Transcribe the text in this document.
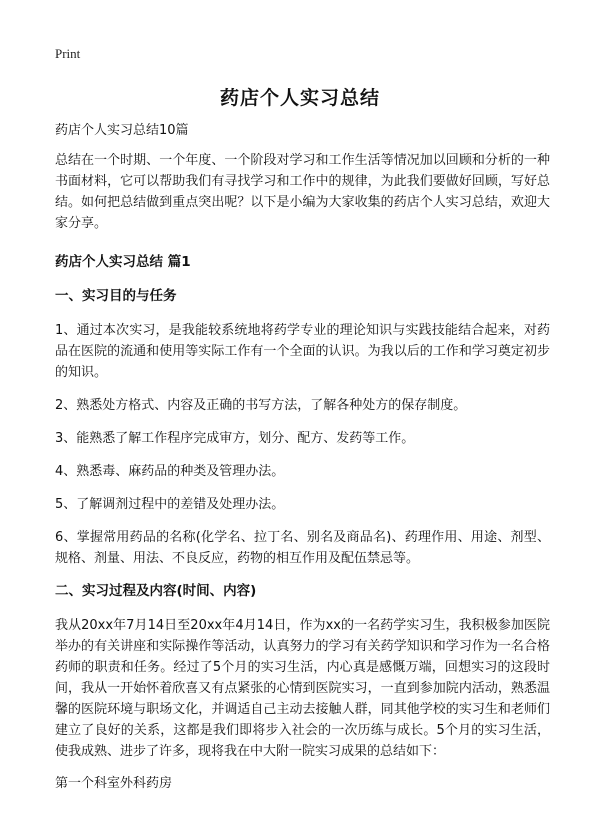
Print
药店个人实习总结

药店个人实习总结10篇

总结在一个时期、一个年度、一个阶段对学习和工作生活等情况加以回顾和分析的一种书面材料，它可以帮助我们有寻找学习和工作中的规律，为此我们要做好回顾，写好总结。如何把总结做到重点突出呢？以下是小编为大家收集的药店个人实习总结，欢迎大家分享。

药店个人实习总结 篇1

一、实习目的与任务

1、通过本次实习，是我能较系统地将药学专业的理论知识与实践技能结合起来，对药品在医院的流通和使用等实际工作有一个全面的认识。为我以后的工作和学习奠定初步的知识。

2、熟悉处方格式、内容及正确的书写方法，了解各种处方的保存制度。

3、能熟悉了解工作程序完成审方，划分、配方、发药等工作。

4、熟悉毒、麻药品的种类及管理办法。

5、了解调剂过程中的差错及处理办法。

6、掌握常用药品的名称(化学名、拉丁名、别名及商品名)、药理作用、用途、剂型、规格、剂量、用法、不良反应，药物的相互作用及配伍禁忌等。

二、实习过程及内容(时间、内容)

我从20xx年7月14日至20xx年4月14日，作为xx的一名药学实习生，我积极参加医院举办的有关讲座和实际操作等活动，认真努力的学习有关药学知识和学习作为一名合格药师的职责和任务。经过了5个月的实习生活，内心真是感慨万端，回想实习的这段时间，我从一开始怀着欣喜又有点紧张的心情到医院实习，一直到参加院内活动，熟悉温馨的医院环境与职场文化，并调适自己主动去接触人群，同其他学校的实习生和老师们建立了良好的关系，这都是我们即将步入社会的一次历练与成长。5个月的实习生活，使我成熟、进步了许多，现将我在中大附一院实习成果的总结如下：

第一个科室外科药房
